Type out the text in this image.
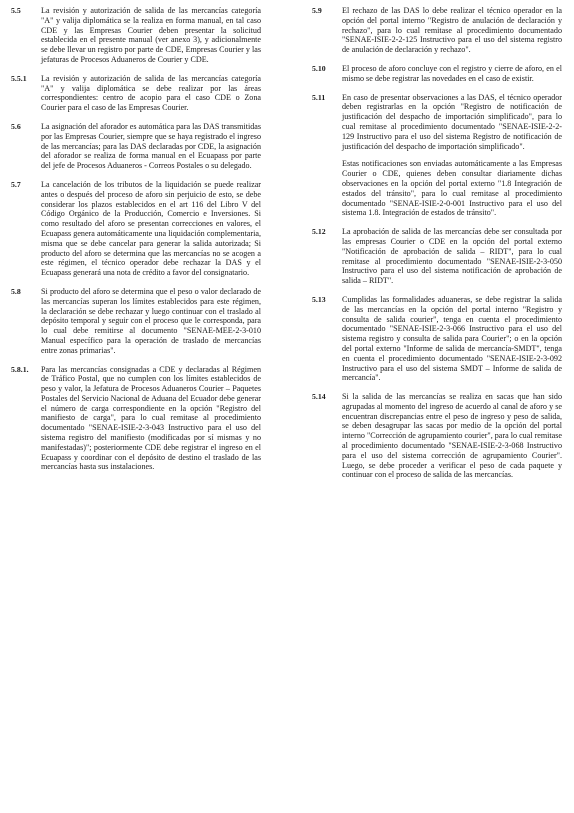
5.5	La revisión y autorización de salida de las mercancías categoría "A" y valija diplomática se la realiza en forma manual, en tal caso CDE y las Empresas Courier deben presentar la solicitud establecida en el presente manual (ver anexo 3), y adicionalmente se debe llevar un registro por parte de CDE, Empresas Courier y las jefaturas de Procesos Aduaneros de Courier y CDE.

5.5.1	La revisión y autorización de salida de las mercancías categoría "A" y valija diplomática se debe realizar por las áreas correspondientes: centro de acopio para el caso CDE o Zona Courier para el caso de las Empresas Courier.

5.6	La asignación del aforador es automática para las DAS transmitidas por las Empresas Courier, siempre que se haya registrado el ingreso de las mercancías; para las DAS declaradas por CDE, la asignación del aforador se realiza de forma manual en el Ecuapass por parte del jefe de Procesos Aduaneros - Correos Postales o su delegado.

5.7	La cancelación de los tributos de la liquidación se puede realizar antes o después del proceso de aforo sin perjuicio de esto, se debe considerar los plazos establecidos en el art 116 del Libro V del Código Orgánico de la Producción, Comercio e Inversiones. Si como resultado del aforo se presentan correcciones en valores, el Ecuapass genera automáticamente una liquidación complementaria, misma que se debe cancelar para generar la salida autorizada; Si producto del aforo se determina que las mercancías no se acogen a este régimen, el técnico operador debe rechazar la DAS y el Ecuapass generará una nota de crédito a favor del consignatario.

5.8	Si producto del aforo se determina que el peso o valor declarado de las mercancías superan los límites establecidos para este régimen, la declaración se debe rechazar y luego continuar con el traslado al depósito temporal y seguir con el proceso que le corresponda, para lo cual debe remitirse al documento "SENAE-MEE-2-3-010 Manual específico para la operación de traslado de mercancías entre zonas primarias".

5.8.1.	Para las mercancías consignadas a CDE y declaradas al Régimen de Tráfico Postal, que no cumplen con los límites establecidos de peso y valor, la Jefatura de Procesos Aduaneros Courier – Paquetes Postales del Servicio Nacional de Aduana del Ecuador debe generar el número de carga correspondiente en la opción "Registro del manifiesto de carga", para lo cual remitase al procedimiento documentado "SENAE-ISIE-2-3-043 Instructivo para el uso del sistema registro del manifiesto (modificadas por sí mismas y no manifestadas)"; posteriormente CDE debe registrar el ingreso en el Ecuapass y coordinar con el depósito de destino el traslado de las mercancías hasta sus instalaciones.

5.9	El rechazo de las DAS lo debe realizar el técnico operador en la opción del portal interno "Registro de anulación de declaración y rechazo", para lo cual remitase al procedimiento documentado "SENAE-ISIE-2-2-125 Instructivo para el uso del sistema registro de anulación de declaración y rechazo".

5.10	El proceso de aforo concluye con el registro y cierre de aforo, en el mismo se debe registrar las novedades en el caso de existir.

5.11	En caso de presentar observaciones a las DAS, el técnico operador deben registrarlas en la opción "Registro de notificación de justificación del despacho de importación simplificado", para lo cual remitase al procedimiento documentado "SENAE-ISIE-2-2-129 Instructivo para el uso del sistema Registro de notificación de justificación del despacho de importación simplificado".

Estas notificaciones son enviadas automáticamente a las Empresas Courier o CDE, quienes deben consultar diariamente dichas observaciones en la opción del portal externo "1.8 Integración de estados del tránsito", para lo cual remitase al procedimiento documentado "SENAE-ISIE-2-0-001 Instructivo para el uso del sistema 1.8. Integración de estados de tránsito".

5.12	La aprobación de salida de las mercancías debe ser consultada por las empresas Courier o CDE en la opción del portal externo "Notificación de aprobación de salida – RIDT", para lo cual remitase al procedimiento documentado "SENAE-ISIE-2-3-050 Instructivo para el uso del sistema notificación de aprobación de salida – RIDT".

5.13	Cumplidas las formalidades aduaneras, se debe registrar la salida de las mercancías en la opción del portal interno "Registro y consulta de salida courier", tenga en cuenta el procedimiento documentado "SENAE-ISIE-2-3-066 Instructivo para el uso del sistema registro y consulta de salida para Courier"; o en la opción del portal externo "Informe de salida de mercancía-SMDT", tenga en cuenta el procedimiento documentado "SENAE-ISIE-2-3-092 Instructivo para el uso del sistema SMDT – Informe de salida de mercancía".

5.14	Si la salida de las mercancías se realiza en sacas que han sido agrupadas al momento del ingreso de acuerdo al canal de aforo y se encuentran discrepancias entre el peso de ingreso y peso de salida, se deben desagrupar las sacas por medio de la opción del portal interno "Corrección de agrupamiento courier", para lo cual remitase al procedimiento documentado "SENAE-ISIE-2-3-068 Instructivo para el uso del sistema corrección de agrupamiento Courier". Luego, se debe proceder a verificar el peso de cada paquete y continuar con el proceso de salida de las mercancías.
